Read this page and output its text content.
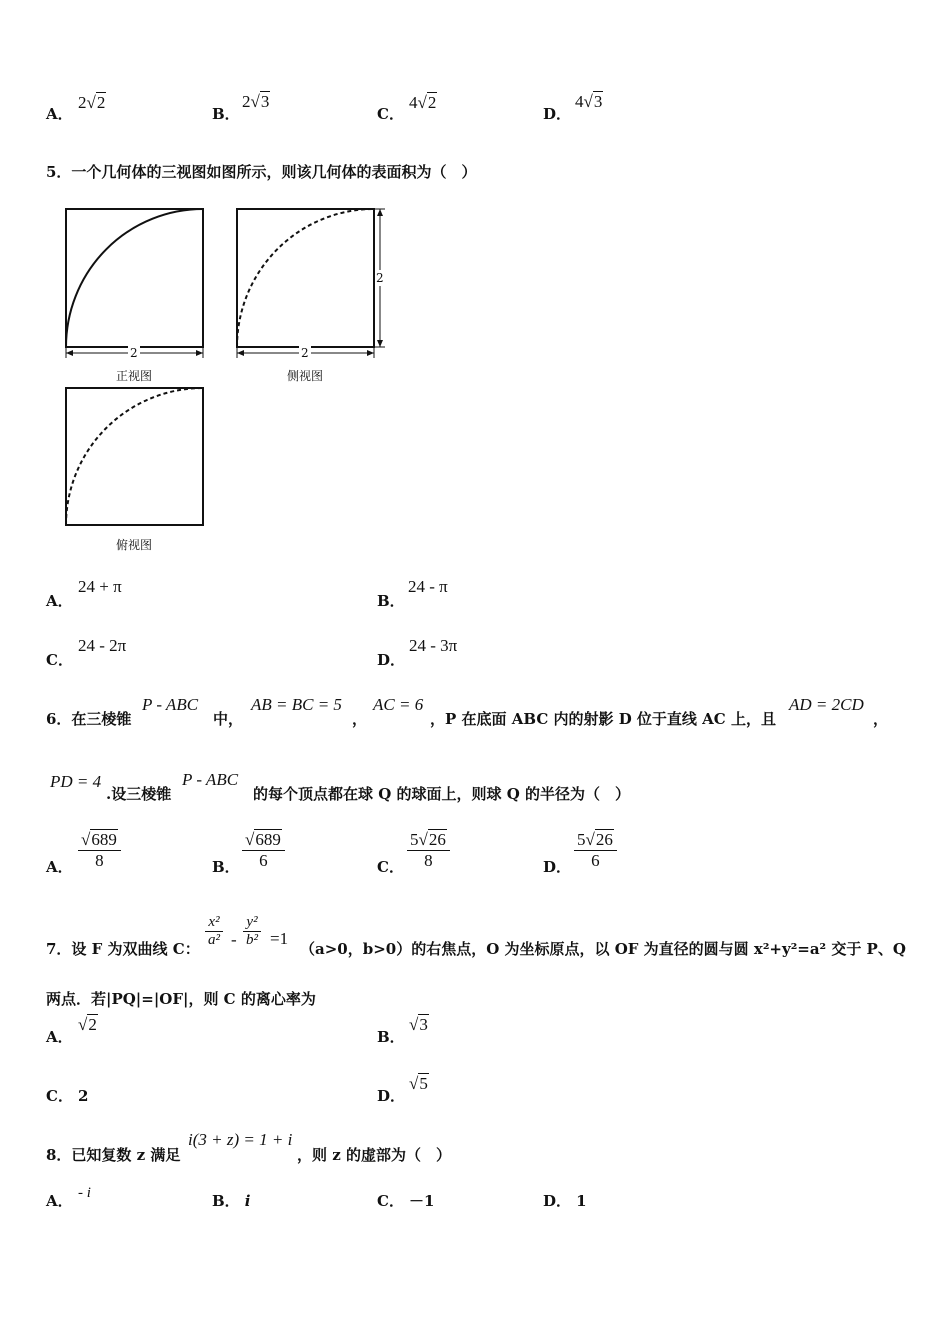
A．
2√2
B．
2√3
C．
4√2
D．
4√3
5．一个几何体的三视图如图所示，则该几何体的表面积为（　）
2	2
2
正视图	侧视图
俯视图
A．
24 + π
B．
24 - π
C．
24 - 2π
D．
24 - 3π
6．在三棱锥
P - ABC
中，
AB = BC = 5
，
AC = 6
，P 在底面 ABC 内的射影 D 位于直线 AC 上，且
AD = 2CD
，
PD = 4
.设三棱锥
P - ABC
的每个顶点都在球 Q 的球面上，则球 Q 的半径为（　）
A． $\frac{√689}{8}$	B． $\frac{√689}{6}$	C． $\frac{5√26}{8}$	D． $\frac{5√26}{6}$
7．设 F 为双曲线 C： $\frac{\text{x²}}{\text{a²}} - \frac{\text{y²}}{\text{b²}} =1$
（a>0，b>0）的右焦点，O 为坐标原点，以 OF 为直径的圆与圆 x²+y²=a² 交于 P、Q
两点．若|PQ|=|OF|，则 C 的离心率为
A．
√2
B．
√3
C． 2	D．
√5
8．已知复数 z 满足
i(3 + z) = 1 + i
，则 z 的虚部为（　）
A． - i	B． i	C． －1	D． 1
